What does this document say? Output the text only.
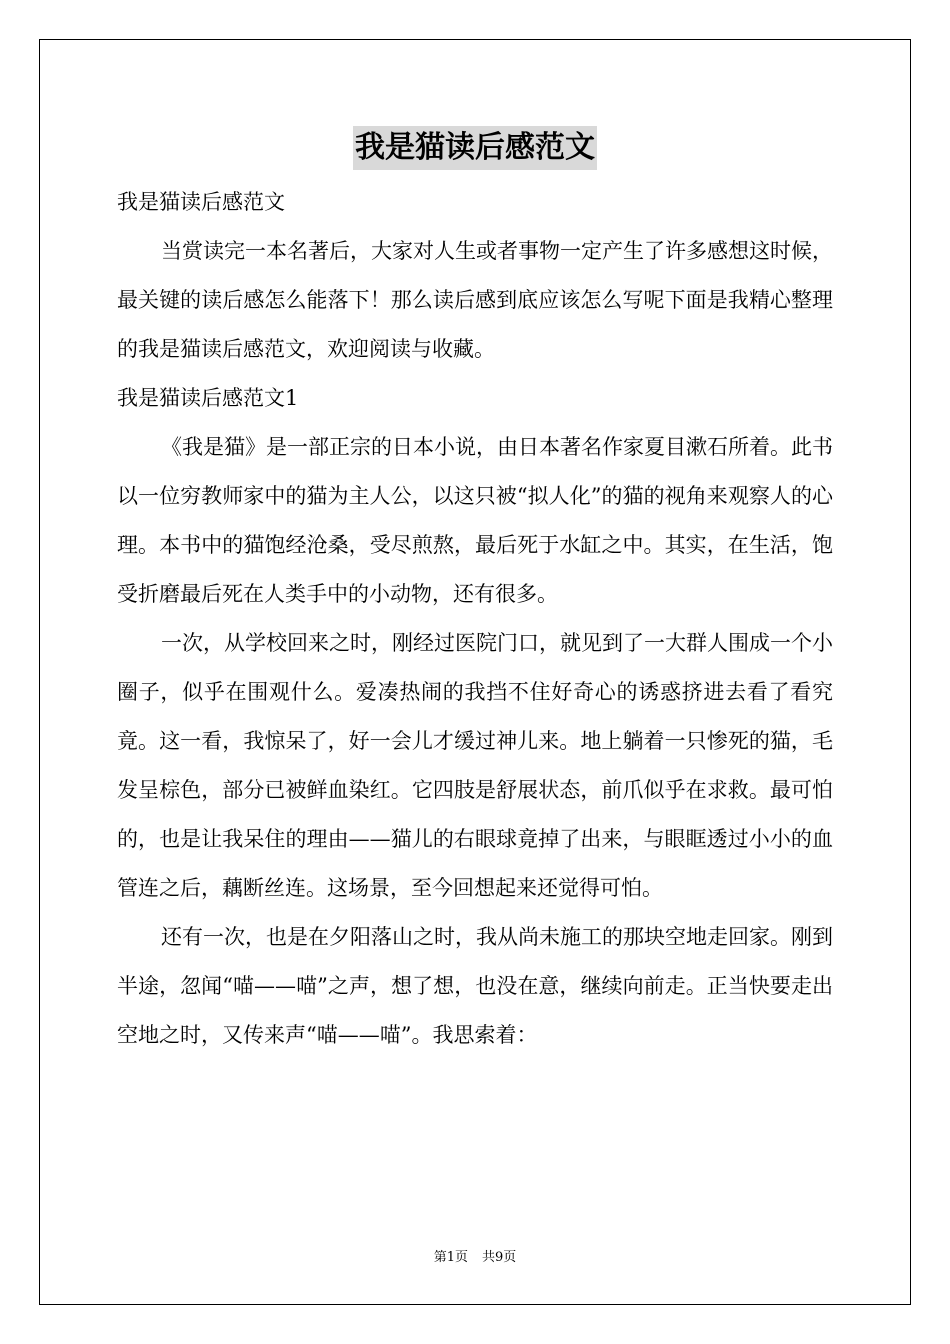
我是猫读后感范文

我是猫读后感范文

当赏读完一本名著后，大家对人生或者事物一定产生了许多感想这时候，最关键的读后感怎么能落下！那么读后感到底应该怎么写呢下面是我精心整理的我是猫读后感范文，欢迎阅读与收藏。

我是猫读后感范文1

《我是猫》是一部正宗的日本小说，由日本著名作家夏目漱石所着。此书以一位穷教师家中的猫为主人公，以这只被“拟人化”的猫的视角来观察人的心理。本书中的猫饱经沧桑，受尽煎熬，最后死于水缸之中。其实，在生活，饱受折磨最后死在人类手中的小动物，还有很多。

一次，从学校回来之时，刚经过医院门口，就见到了一大群人围成一个小圈子，似乎在围观什么。爱凑热闹的我挡不住好奇心的诱惑挤进去看了看究竟。这一看，我惊呆了，好一会儿才缓过神儿来。地上躺着一只惨死的猫，毛发呈棕色，部分已被鲜血染红。它四肢是舒展状态，前爪似乎在求救。最可怕的，也是让我呆住的理由——猫儿的右眼球竟掉了出来，与眼眶透过小小的血管连之后，藕断丝连。这场景，至今回想起来还觉得可怕。

还有一次，也是在夕阳落山之时，我从尚未施工的那块空地走回家。刚到半途，忽闻“喵——喵”之声，想了想，也没在意，继续向前走。正当快要走出空地之时，又传来声“喵——喵”。我思索着：

第1页 共9页
